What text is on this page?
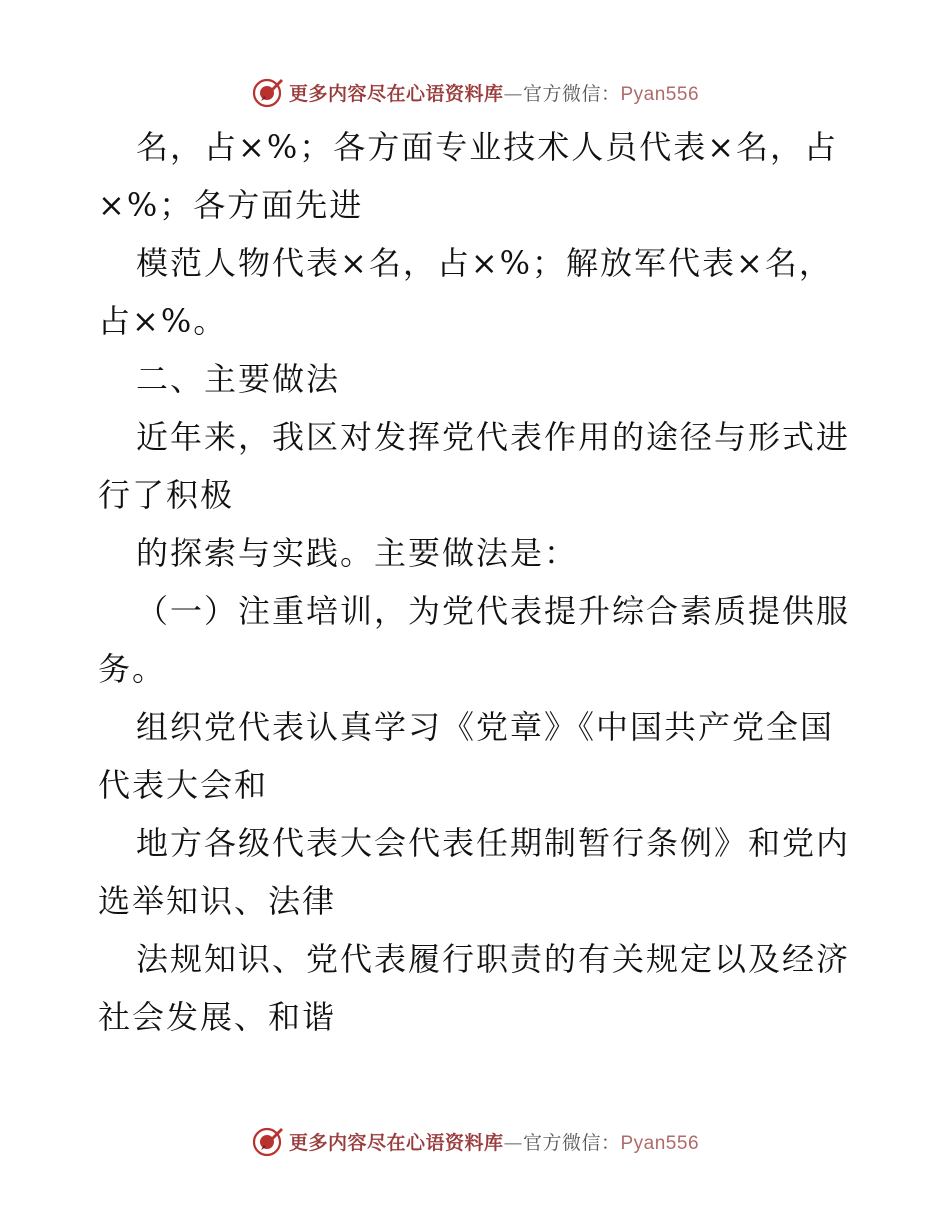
更多内容尽在心语资料库—官方微信：Pyan556
名，占×%；各方面专业技术人员代表×名，占
×%；各方面先进
模范人物代表×名，占×%；解放军代表×名，
占×%。
二、主要做法
近年来，我区对发挥党代表作用的途径与形式进
行了积极
的探索与实践。主要做法是：
（一）注重培训，为党代表提升综合素质提供服
务。
组织党代表认真学习《党章》《中国共产党全国
代表大会和
地方各级代表大会代表任期制暂行条例》和党内
选举知识、法律
法规知识、党代表履行职责的有关规定以及经济
社会发展、和谐
更多内容尽在心语资料库—官方微信：Pyan556
